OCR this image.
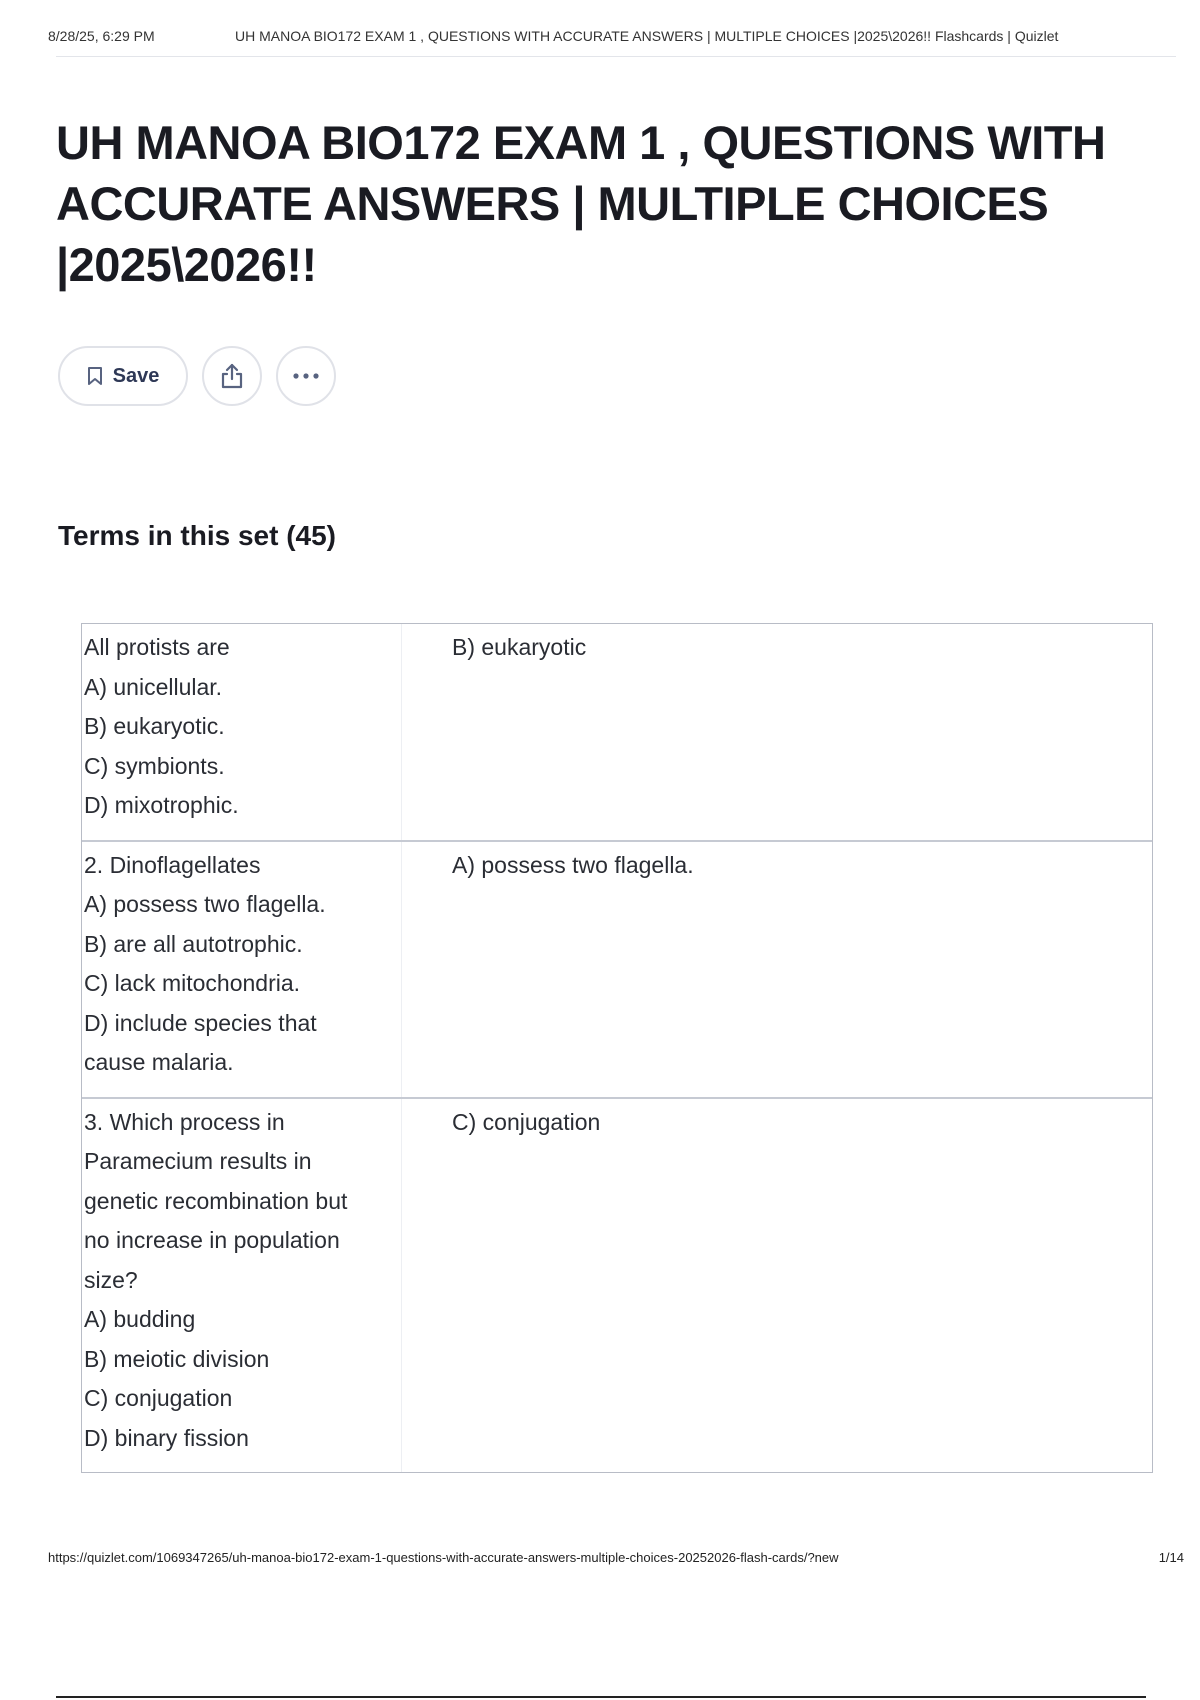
8/28/25, 6:29 PM	UH MANOA BIO172 EXAM 1 , QUESTIONS WITH ACCURATE ANSWERS | MULTIPLE CHOICES |2025\2026!! Flashcards | Quizlet
UH MANOA BIO172 EXAM 1 , QUESTIONS WITH ACCURATE ANSWERS | MULTIPLE CHOICES |2025\2026!!
Save
Terms in this set (45)
All protists are
A) unicellular.
B) eukaryotic.
C) symbionts.
D) mixotrophic.
B) eukaryotic
2. Dinoflagellates
A) possess two flagella.
B) are all autotrophic.
C) lack mitochondria.
D) include species that
cause malaria.
A) possess two flagella.
3. Which process in
Paramecium results in
genetic recombination but
no increase in population
size?
A) budding
B) meiotic division
C) conjugation
D) binary fission
C) conjugation
https://quizlet.com/1069347265/uh-manoa-bio172-exam-1-questions-with-accurate-answers-multiple-choices-20252026-flash-cards/?new	1/14
